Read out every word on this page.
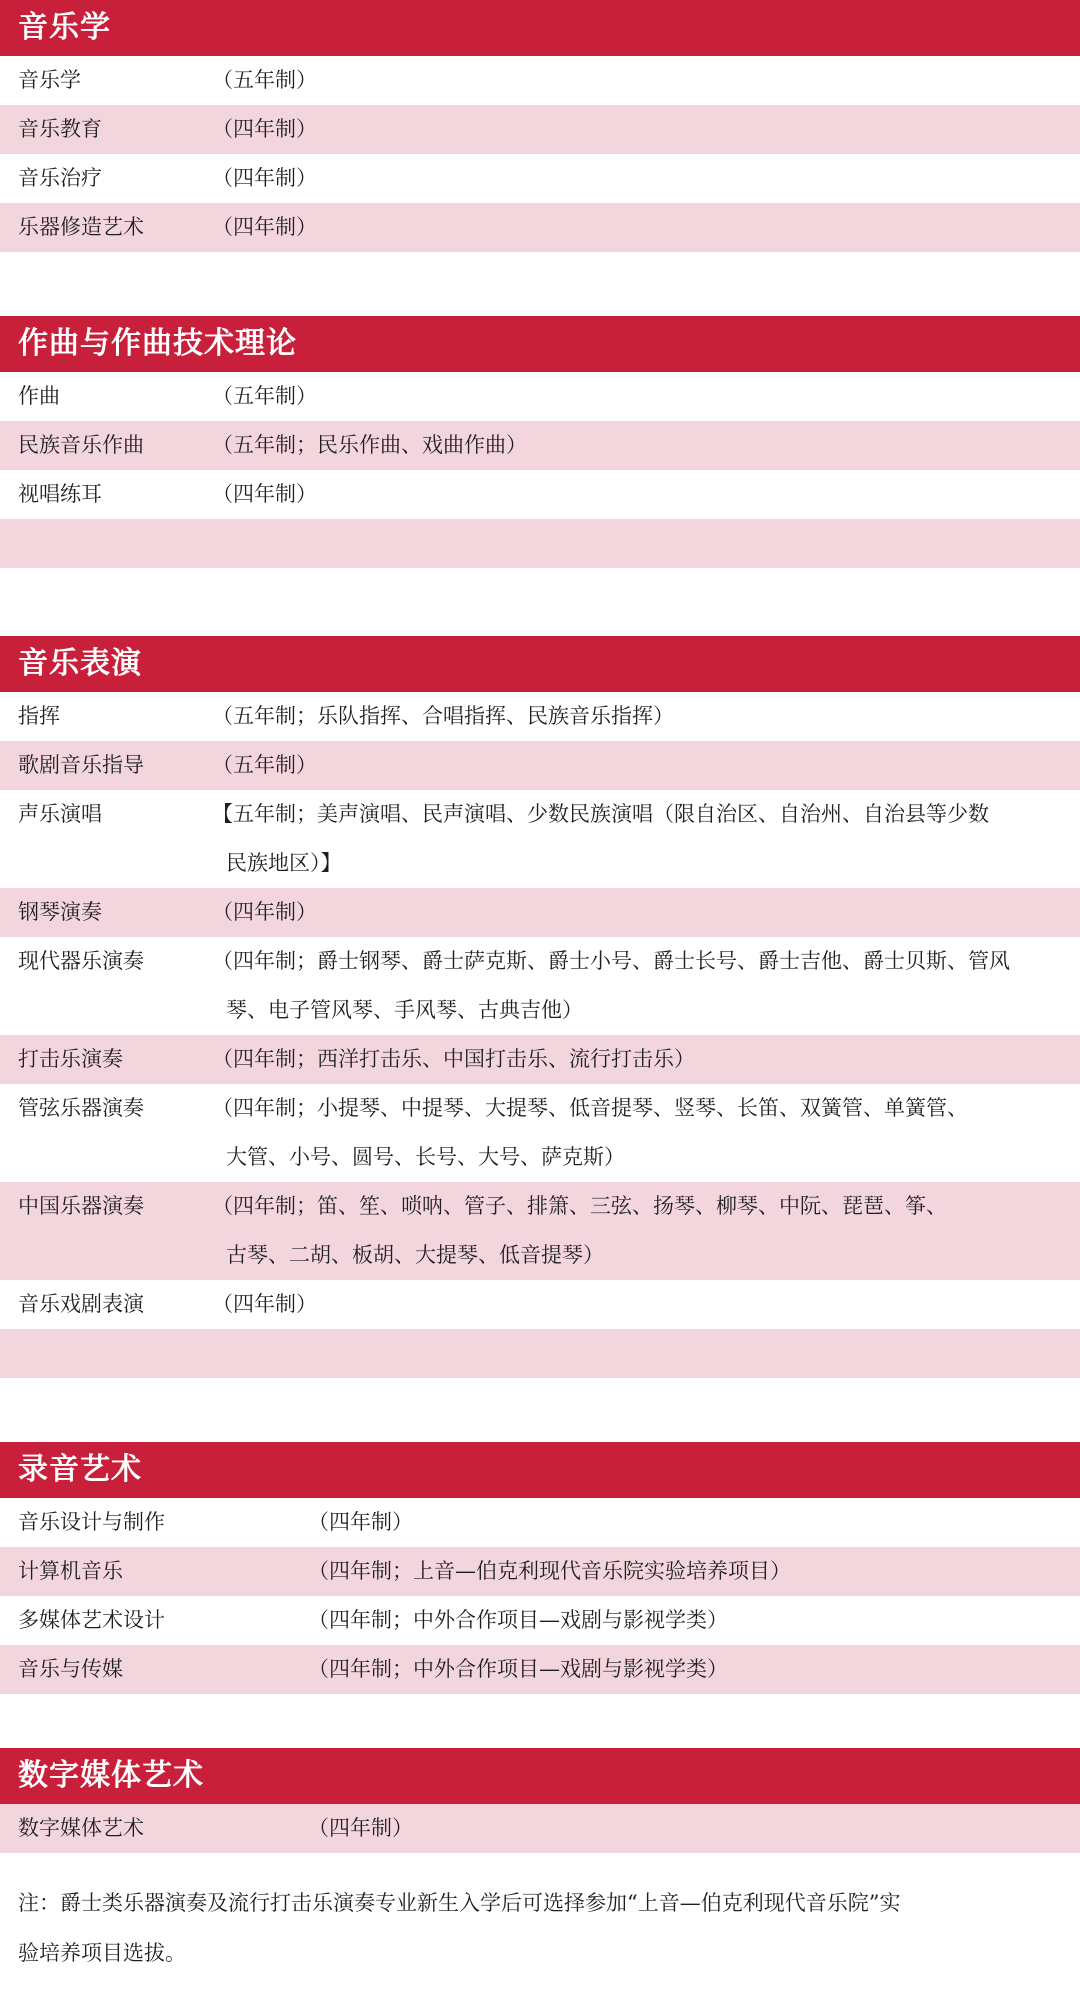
音乐学
音乐学	（五年制）
音乐教育	（四年制）
音乐治疗	（四年制）
乐器修造艺术	（四年制）
作曲与作曲技术理论
作曲	（五年制）
民族音乐作曲	（五年制；民乐作曲、戏曲作曲）
视唱练耳	（四年制）
音乐表演
指挥	（五年制；乐队指挥、合唱指挥、民族音乐指挥）
歌剧音乐指导	（五年制）
声乐演唱	【五年制；美声演唱、民声演唱、少数民族演唱（限自治区、自治州、自治县等少数
民族地区）】
钢琴演奏	（四年制）
现代器乐演奏	（四年制；爵士钢琴、爵士萨克斯、爵士小号、爵士长号、爵士吉他、爵士贝斯、管风
琴、电子管风琴、手风琴、古典吉他）
打击乐演奏	（四年制；西洋打击乐、中国打击乐、流行打击乐）
管弦乐器演奏	（四年制；小提琴、中提琴、大提琴、低音提琴、竖琴、长笛、双簧管、单簧管、
大管、小号、圆号、长号、大号、萨克斯）
中国乐器演奏	（四年制；笛、笙、唢呐、管子、排箫、三弦、扬琴、柳琴、中阮、琵琶、筝、
古琴、二胡、板胡、大提琴、低音提琴）
音乐戏剧表演	（四年制）
录音艺术
音乐设计与制作	（四年制）
计算机音乐	（四年制；上音—伯克利现代音乐院实验培养项目）
多媒体艺术设计	（四年制；中外合作项目—戏剧与影视学类）
音乐与传媒	（四年制；中外合作项目—戏剧与影视学类）
数字媒体艺术
数字媒体艺术	（四年制）
注：爵士类乐器演奏及流行打击乐演奏专业新生入学后可选择参加“上音—伯克利现代音乐院”实
验培养项目选拔。
